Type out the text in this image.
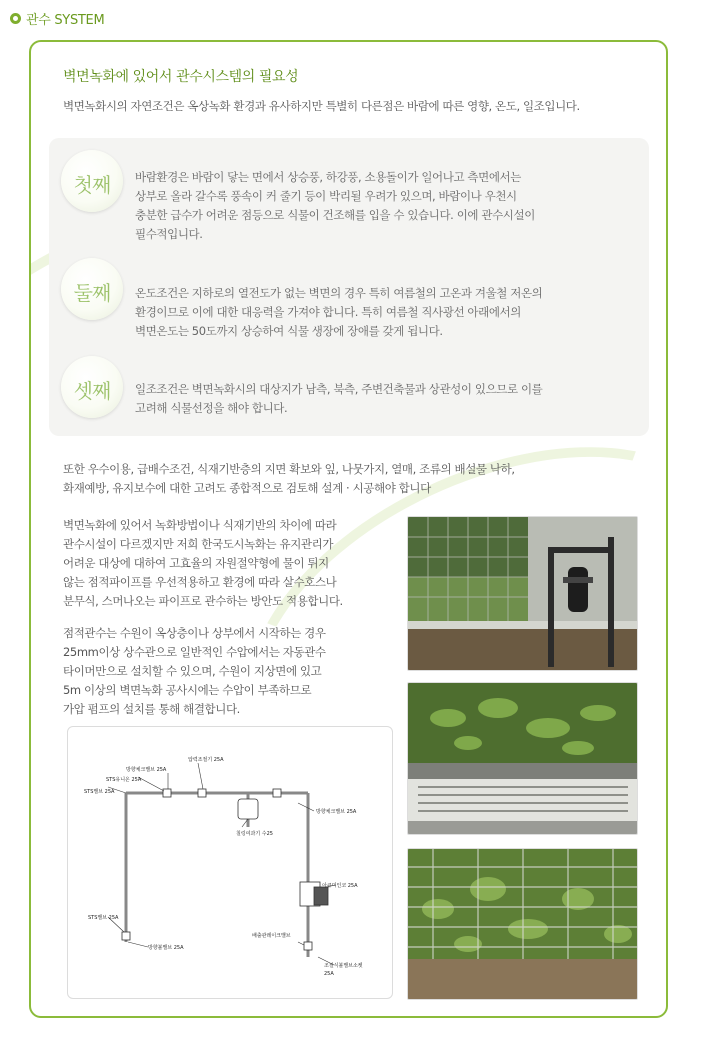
관수 SYSTEM
벽면녹화에 있어서 관수시스템의 필요성
벽면녹화시의 자연조건은 옥상녹화 환경과 유사하지만 특별히 다른점은 바람에 따른 영향, 온도, 일조입니다.
첫째	바람환경은 바람이 닿는 면에서 상승풍, 하강풍, 소용돌이가 일어나고 측면에서는
상부로 올라 갈수록 풍속이 커 줄기 등이 박리될 우려가 있으며, 바람이나 우천시
충분한 급수가 어려운 점등으로 식물이 건조해를 입을 수 있습니다. 이에 관수시설이
필수적입니다.
둘째	온도조건은 지하로의 열전도가 없는 벽면의 경우 특히 여름철의 고온과 겨울철 저온의
환경이므로 이에 대한 대응력을 가져야 합니다. 특히 여름철 직사광선 아래에서의
벽면온도는 50도까지 상승하여 식물 생장에 장애를 갖게 됩니다.
셋째	일조조건은 벽면녹화시의 대상지가 남측, 북측, 주변건축물과 상관성이 있으므로 이를
고려해 식물선정을 해야 합니다.
또한 우수이용, 급배수조건, 식재기반층의 지면 확보와 잎, 나뭇가지, 열매, 조류의 배설물 낙하,
화재예방, 유지보수에 대한 고려도 종합적으로 검토해 설계 · 시공해야 합니다
벽면녹화에 있어서 녹화방법이나 식재기반의 차이에 따라
관수시설이 다르겠지만 저희 한국도시녹화는 유지관리가
어려운 대상에 대하여 고효율의 자원절약형에 물이 튀지
않는 점적파이프를 우선적용하고 환경에 따라 살수호스나
분무식, 스머나오는 파이프로 관수하는 방안도 적용합니다.
점적관수는 수원이 옥상층이나 상부에서 시작하는 경우
25mm이상 상수관으로 일반적인 수압에서는 자동관수
타이머만으로 설치할 수 있으며, 수원이 지상면에 있고
5m 이상의 벽면녹화 공사시에는 수압이 부족하므로
가압 펌프의 설치를 통해 해결합니다.
압력조절기 25A
방향체크밸브 25A
STS유니온 25A
STS밸브 25A
방향체크밸브 25A
칠링여과기 수25
아큐미인코 25A
STS밸브 25A
방향볼밸브 25A
배출관레이크밸브
조절식볼밸브소켓
25A
